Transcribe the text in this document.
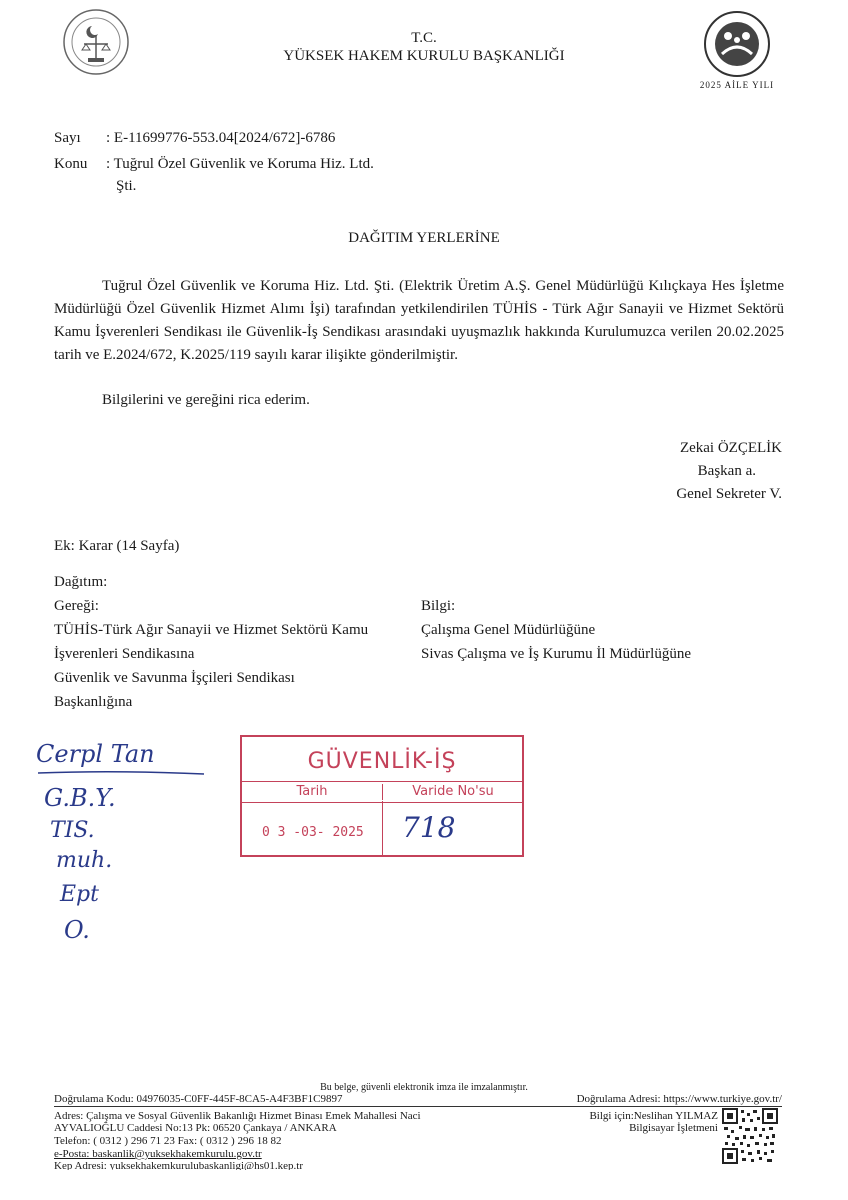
2025 AİLE YILI
T.C.
YÜKSEK HAKEM KURULU BAŞKANLIĞI
Sayı : E-11699776-553.04[2024/672]-6786
Konu : Tuğrul Özel Güvenlik ve Koruma Hiz. Ltd.
Şti.
DAĞITIM YERLERİNE
Tuğrul Özel Güvenlik ve Koruma Hiz. Ltd. Şti. (Elektrik Üretim A.Ş. Genel Müdürlüğü Kılıçkaya Hes İşletme Müdürlüğü Özel Güvenlik Hizmet Alımı İşi) tarafından yetkilendirilen TÜHİS - Türk Ağır Sanayii ve Hizmet Sektörü Kamu İşverenleri Sendikası ile Güvenlik-İş Sendikası arasındaki uyuşmazlık hakkında Kurulumuzca verilen 20.02.2025 tarih ve E.2024/672, K.2025/119 sayılı karar ilişikte gönderilmiştir.
Bilgilerini ve gereğini rica ederim.
Zekai ÖZÇELİK
Başkan a.
Genel Sekreter V.
Ek: Karar (14 Sayfa)
Dağıtım:
Gereği:
TÜHİS-Türk Ağır Sanayii ve Hizmet Sektörü Kamu
İşverenleri Sendikasına
Güvenlik ve Savunma İşçileri Sendikası
Başkanlığına
Bilgi:
Çalışma Genel Müdürlüğüne
Sivas Çalışma ve İş Kurumu İl Müdürlüğüne
Cerpl Tan
G.B.Y.
TIS.
muh.
Ept
O.
GÜVENLİK-İŞ
Tarih	Varide No'su
0 3 -03- 2025 718
Bu belge, güvenli elektronik imza ile imzalanmıştır.
Doğrulama Kodu: 04976035-C0FF-445F-8CA5-A4F3BF1C9897	Doğrulama Adresi: https://www.turkiye.gov.tr/
Adres: Çalışma ve Sosyal Güvenlik Bakanlığı Hizmet Binası Emek Mahallesi Naci
AYVALIOĞLU Caddesi No:13 Pk: 06520 Çankaya / ANKARA
Telefon: ( 0312 ) 296 71 23 Fax: ( 0312 ) 296 18 82
e-Posta: baskanlik@yuksekhakemkurulu.gov.tr
Kep Adresi: yuksekhakemkurulubaskanligi@hs01.kep.tr
Bilgi için:Neslihan YILMAZ
Bilgisayar İşletmeni
